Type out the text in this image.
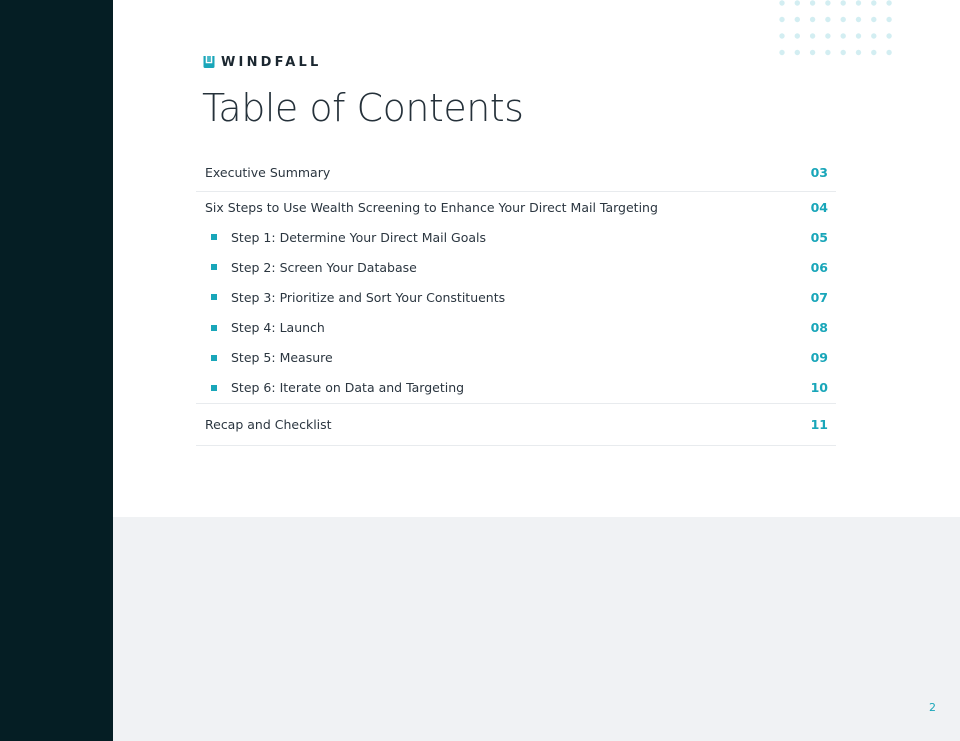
WINDFALL
Table of Contents
Executive Summary	03
Six Steps to Use Wealth Screening to Enhance Your Direct Mail Targeting	04
Step 1: Determine Your Direct Mail Goals	05
Step 2: Screen Your Database	06
Step 3: Prioritize and Sort Your Constituents	07
Step 4: Launch	08
Step 5: Measure	09
Step 6: Iterate on Data and Targeting	10
Recap and Checklist	11
2
